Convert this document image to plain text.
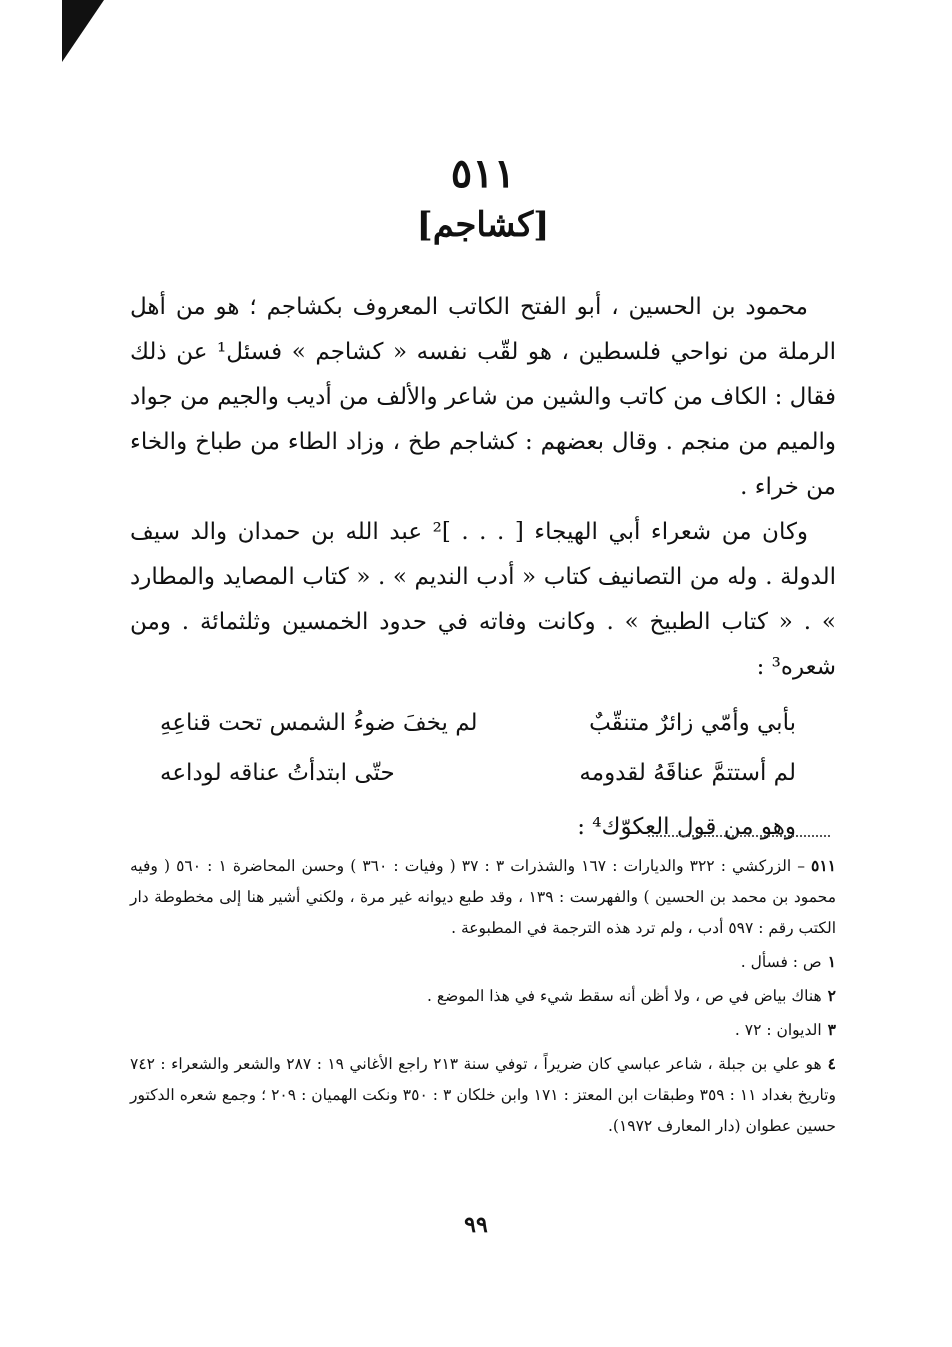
٥١١
[كشاجم]

محمود بن الحسين ، أبو الفتح الكاتب المعروف بكشاجم ؛ هو من أهل الرملة من نواحي فلسطين ، هو لقّب نفسه « كشاجم » فسئل¹ عن ذلك فقال : الكاف من كاتب والشين من شاعر والألف من أديب والجيم من جواد والميم من منجم . وقال بعضهم : كشاجم طخ ، وزاد الطاء من طباخ والخاء من خراء .

وكان من شعراء أبي الهيجاء [ . . . ]² عبد الله بن حمدان والد سيف الدولة . وله من التصانيف كتاب « أدب النديم » . « كتاب المصايد والمطارد » . « كتاب الطبيخ » . وكانت وفاته في حدود الخمسين وثلثمائة . ومن شعره³ :

بأبي وأمّي زائرٌ متنقّبٌ
لم يخفَ ضوءُ الشمس تحت قناعِهِ
لم أستتمَّ عناقَهُ لقدومه
حتّى ابتدأتُ عناقه لوداعه

وهو من قول العكوّك⁴ :

٥١١– الزركشي : ٣٢٢ والديارات : ١٦٧ والشذرات ٣ : ٣٧ ( وفيات : ٣٦٠ ) وحسن المحاضرة ١ : ٥٦٠ ( وفيه محمود بن محمد بن الحسين ) والفهرست : ١٣٩ ، وقد طبع ديوانه غير مرة ، ولكني أشير هنا إلى مخطوطة دار الكتب رقم : ٥٩٧ أدب ، ولم ترد هذه الترجمة في المطبوعة .

١ص : فسأل .

٢هناك بياض في ص ، ولا أظن أنه سقط شيء في هذا الموضع .

٣الديوان : ٧٢ .

٤هو علي بن جبلة ، شاعر عباسي كان ضريراً ، توفي سنة ٢١٣ راجع الأغاني ١٩ : ٢٨٧ والشعر والشعراء : ٧٤٢ وتاريخ بغداد ١١ : ٣٥٩ وطبقات ابن المعتز : ١٧١ وابن خلكان ٣ : ٣٥٠ ونكت الهميان : ٢٠٩ ؛ وجمع شعره الدكتور حسين عطوان (دار المعارف ١٩٧٢).

٩٩
